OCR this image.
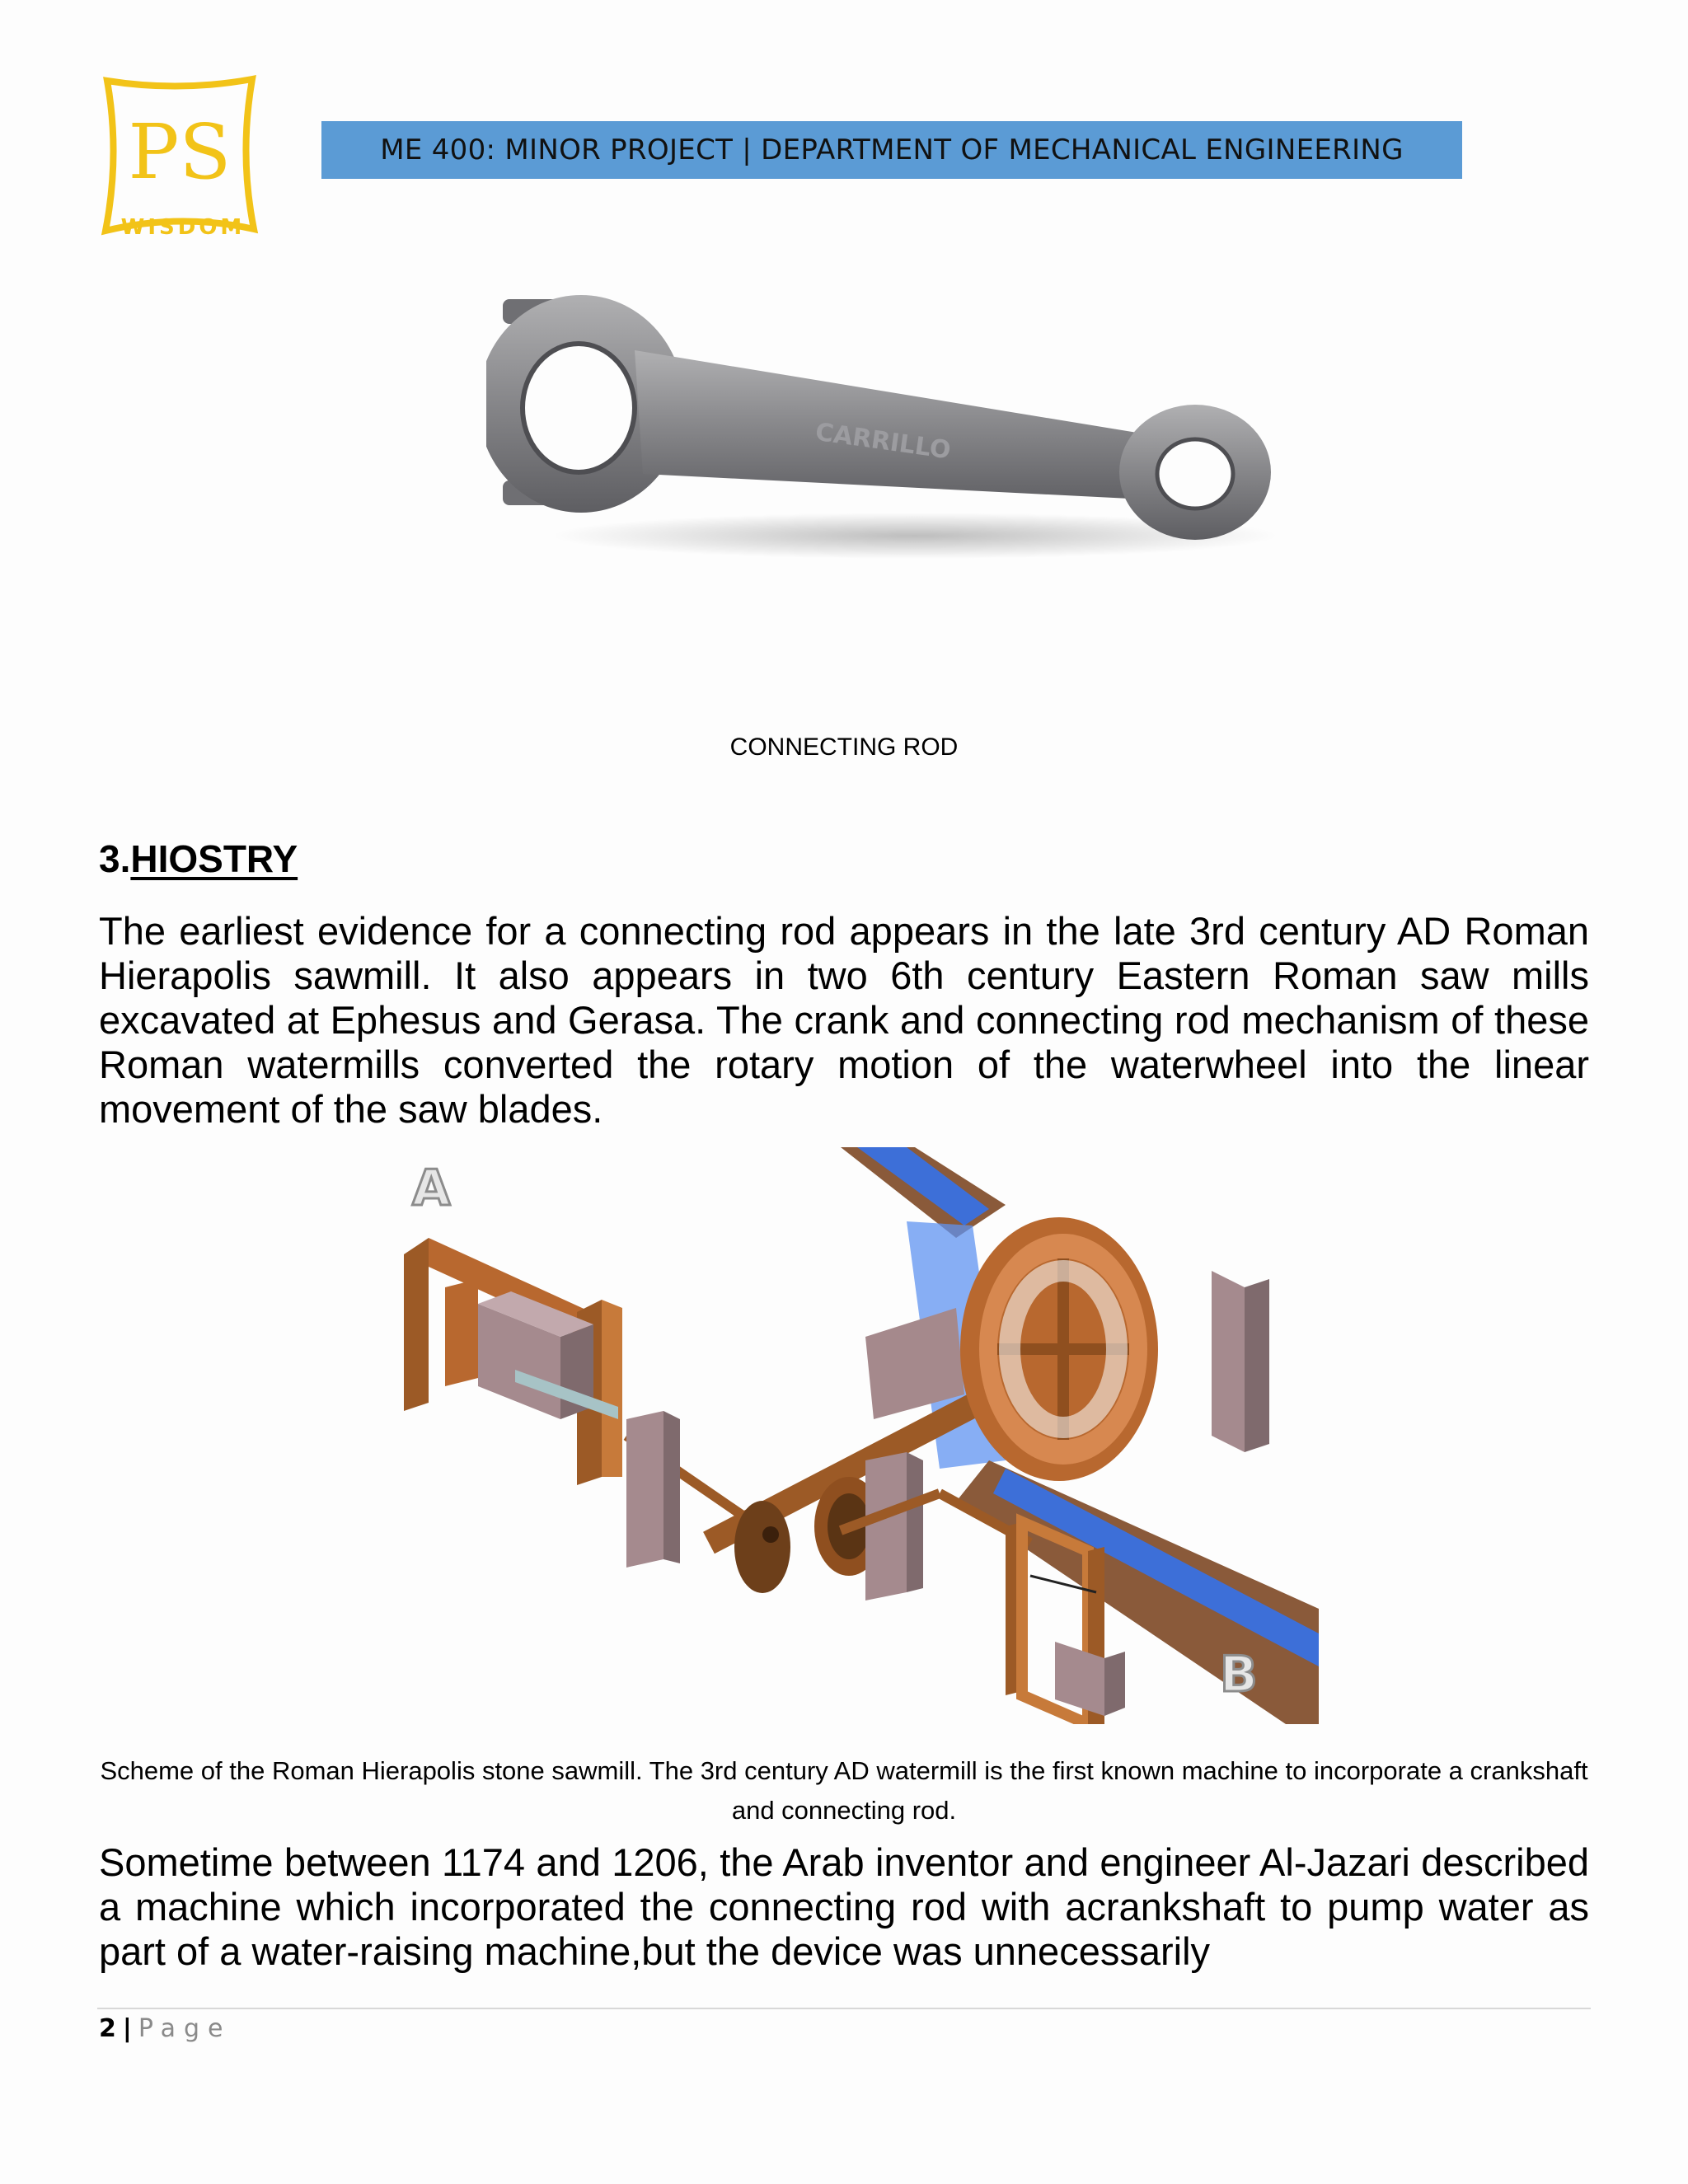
PS
WISDOM
ME 400: MINOR PROJECT | DEPARTMENT OF MECHANICAL ENGINEERING
CARRILLO
CONNECTING ROD
3.HIOSTRY

The earliest evidence for a connecting rod appears in the late 3rd century AD Roman Hierapolis sawmill. It also appears in two 6th century Eastern Roman saw mills excavated at Ephesus and Gerasa. The crank and connecting rod mechanism of these Roman watermills converted the rotary motion of the waterwheel into the linear movement of the saw blades.

A
B
Scheme of the Roman Hierapolis stone sawmill. The 3rd century AD watermill is the first known machine to incorporate a crankshaft and connecting rod.

Sometime between 1174 and 1206, the Arab inventor and engineer Al-Jazari described a machine which incorporated the connecting rod with acrankshaft to pump water as part of a water-raising machine,but the device was unnecessarily

2 | Page
